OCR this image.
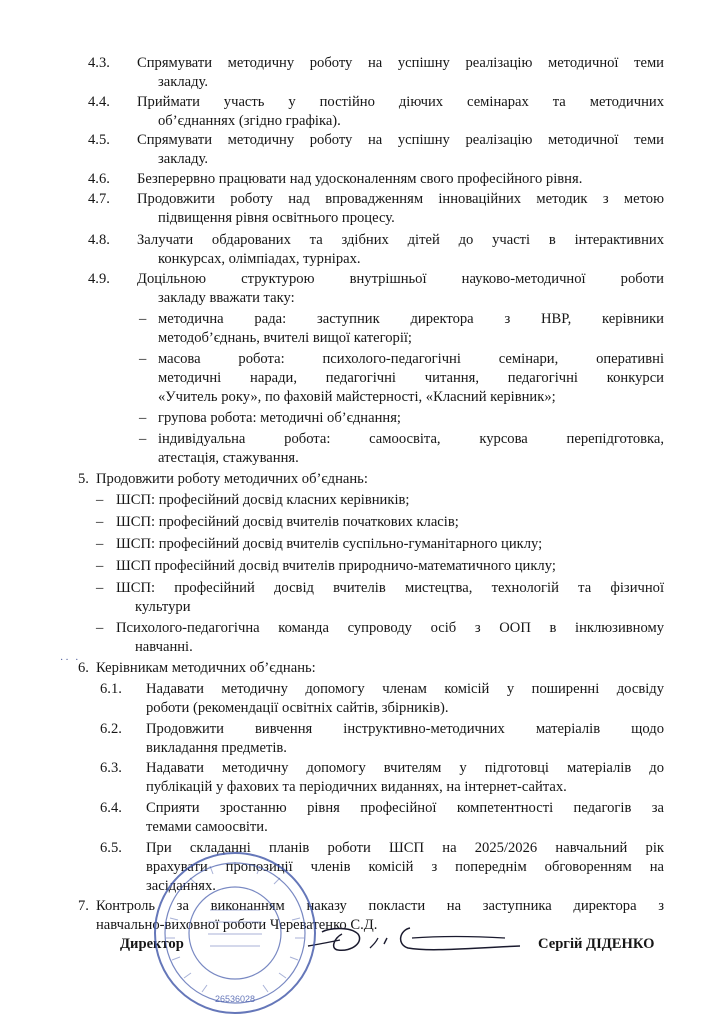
4.3. Спрямувати методичну роботу на успішну реалізацію методичної теми
закладу.
4.4. Приймати участь у постійно діючих семінарах та методичних
об’єднаннях (згідно графіка).
4.5. Спрямувати методичну роботу на успішну реалізацію методичної теми
закладу.
4.6. Безперервно працювати над удосконаленням свого професійного рівня.
4.7. Продовжити роботу над впровадженням інноваційних методик з метою
підвищення рівня освітнього процесу.
4.8. Залучати обдарованих та здібних дітей до участі в інтерактивних
конкурсах, олімпіадах, турнірах.
4.9. Доцільною структурою внутрішньої науково-методичної роботи
закладу вважати таку:
– методична рада: заступник директора з НВР, керівники
методоб’єднань, вчителі вищої категорії;
– масова робота: психолого-педагогічні семінари, оперативні
методичні наради, педагогічні читання, педагогічні конкурси
«Учитель року», по фаховій майстерності, «Класний керівник»;
– групова робота: методичні об’єднання;
– індивідуальна робота: самоосвіта, курсова перепідготовка,
атестація, стажування.
5. Продовжити роботу методичних об’єднань:
– ШСП: професійний досвід класних керівників;
– ШСП: професійний досвід вчителів початкових класів;
– ШСП: професійний досвід вчителів суспільно-гуманітарного циклу;
– ШСП професійний досвід вчителів природничо-математичного циклу;
– ШСП: професійний досвід вчителів мистецтва, технологій та фізичної
культури
– Психолого-педагогічна команда супроводу осіб з ООП в інклюзивному
навчанні.
·· ·
6. Керівникам методичних об’єднань:
6.1. Надавати методичну допомогу членам комісій у поширенні досвіду
роботи (рекомендації освітніх сайтів, збірників).
6.2. Продовжити вивчення інструктивно-методичних матеріалів щодо
викладання предметів.
6.3. Надавати методичну допомогу вчителям у підготовці матеріалів до
публікацій у фахових та періодичних виданнях, на інтернет-сайтах.
6.4. Сприяти зростанню рівня професійної компетентності педагогів за
темами самоосвіти.
6.5. При складанні планів роботи ШСП на 2025/2026 навчальний рік
врахувати пропозиції членів комісій з попереднім обговоренням на
засіданнях.
7. Контроль за виконанням наказу покласти на заступника директора з
навчально-виховної роботи Череватенко С.Д.
Директор	Сергій ДІДЕНКО
26536028
